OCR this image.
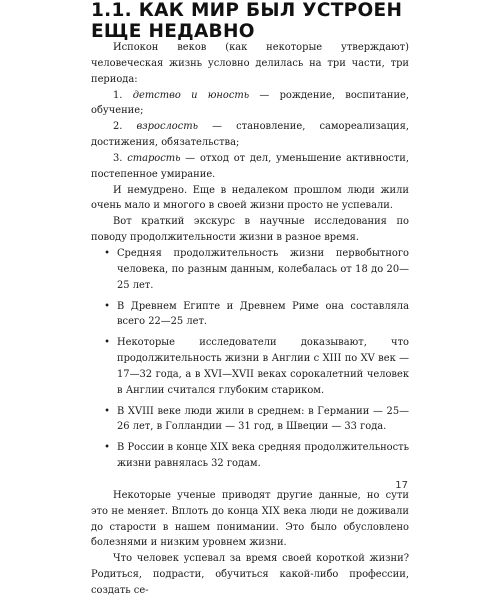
1.1. КАК МИР БЫЛ УСТРОЕН
ЕЩЕ НЕДАВНО

Испокон веков (как некоторые утверждают) человеческая жизнь условно делилась на три части, три периода:

1. детство и юность — рождение, воспитание, обучение;
2. взрослость — становление, самореализация, достижения, обязательства;
3. старость — отход от дел, уменьшение активности, постепенное умирание.

И немудрено. Еще в недалеком прошлом люди жили очень мало и многого в своей жизни просто не успевали.

Вот краткий экскурс в научные исследования по поводу продолжительности жизни в разное время.

• Средняя продолжительность жизни первобытного человека, по разным данным, колебалась от 18 до 20—25 лет.
• В Древнем Египте и Древнем Риме она составляла всего 22—25 лет.
• Некоторые исследователи доказывают, что продолжительность жизни в Англии с XIII по XV век — 17—32 года, а в XVI—XVII веках сорокалетний человек в Англии считался глубоким стариком.
• В XVIII веке люди жили в среднем: в Германии — 25—26 лет, в Голландии — 31 год, в Швеции — 33 года.
• В России в конце XIX века средняя продолжительность жизни равнялась 32 годам.

Некоторые ученые приводят другие данные, но сути это не меняет. Вплоть до конца XIX века люди не доживали до старости в нашем понимании. Это было обусловлено болезнями и низким уровнем жизни.

Что человек успевал за время своей короткой жизни? Родиться, подрасти, обучиться какой-либо профессии, создать се-

17
